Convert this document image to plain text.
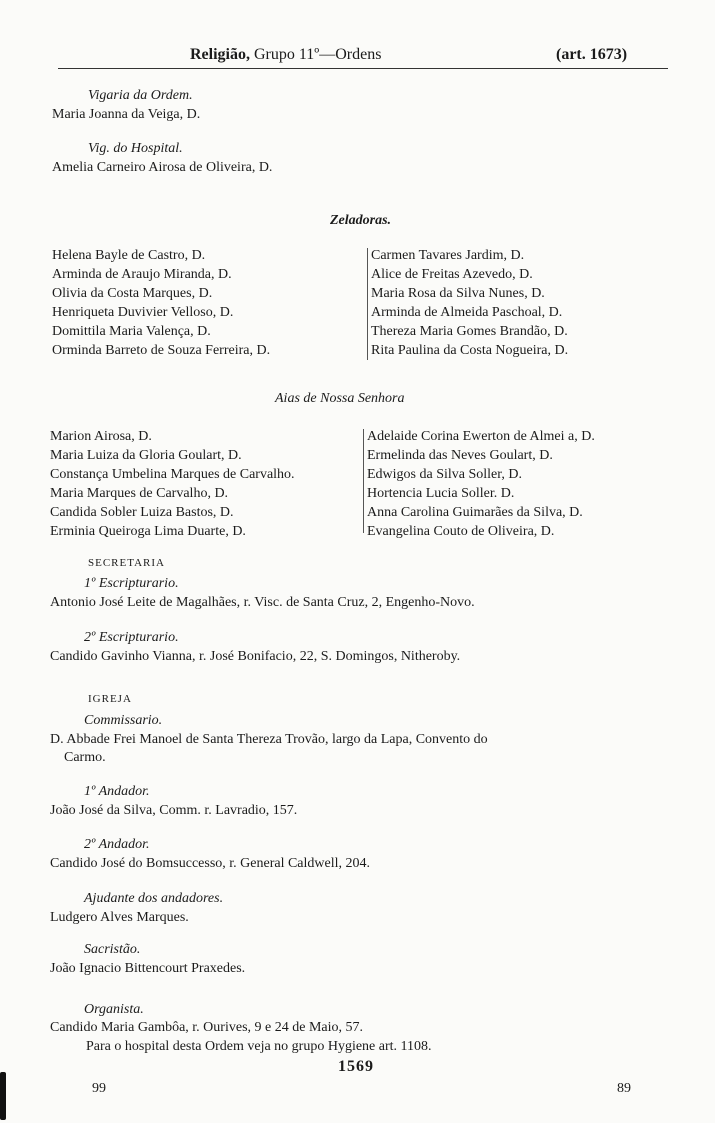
Religião, Grupo 11º—Ordens	(art. 1673)
Vigaria da Ordem.
Maria Joanna da Veiga, D.
Vig. do Hospital.
Amelia Carneiro Airosa de Oliveira, D.
Zeladoras.
Helena Bayle de Castro, D.
Arminda de Araujo Miranda, D.
Olivia da Costa Marques, D.
Henriqueta Duvivier Velloso, D.
Domittila Maria Valença, D.
Orminda Barreto de Souza Ferreira, D.
Carmen Tavares Jardim, D.
Alice de Freitas Azevedo, D.
Maria Rosa da Silva Nunes, D.
Arminda de Almeida Paschoal, D.
Thereza Maria Gomes Brandão, D.
Rita Paulina da Costa Nogueira, D.
Aias de Nossa Senhora
Marion Airosa, D.
Maria Luiza da Gloria Goulart, D.
Constança Umbelina Marques de Carvalho.
Maria Marques de Carvalho, D.
Candida Sobler Luiza Bastos, D.
Erminia Queiroga Lima Duarte, D.
Adelaide Corina Ewerton de Almei a, D.
Ermelinda das Neves Goulart, D.
Edwigos da Silva Soller, D.
Hortencia Lucia Soller. D.
Anna Carolina Guimarães da Silva, D.
Evangelina Couto de Oliveira, D.
SECRETARIA
1º Escripturario.
Antonio José Leite de Magalhães, r. Visc. de Santa Cruz, 2, Engenho-Novo.
2º Escripturario.
Candido Gavinho Vianna, r. José Bonifacio, 22, S. Domingos, Nitheroby.
IGREJA
Commissario.
D. Abbade Frei Manoel de Santa Thereza Trovão, largo da Lapa, Convento do
Carmo.
1º Andador.
João José da Silva, Comm. r. Lavradio, 157.
2º Andador.
Candido José do Bomsuccesso, r. General Caldwell, 204.
Ajudante dos andadores.
Ludgero Alves Marques.
Sacristão.
João Ignacio Bittencourt Praxedes.
Organista.
Candido Maria Gambôa, r. Ourives, 9 e 24 de Maio, 57.
Para o hospital desta Ordem veja no grupo Hygiene art. 1108.
99
1569
89
